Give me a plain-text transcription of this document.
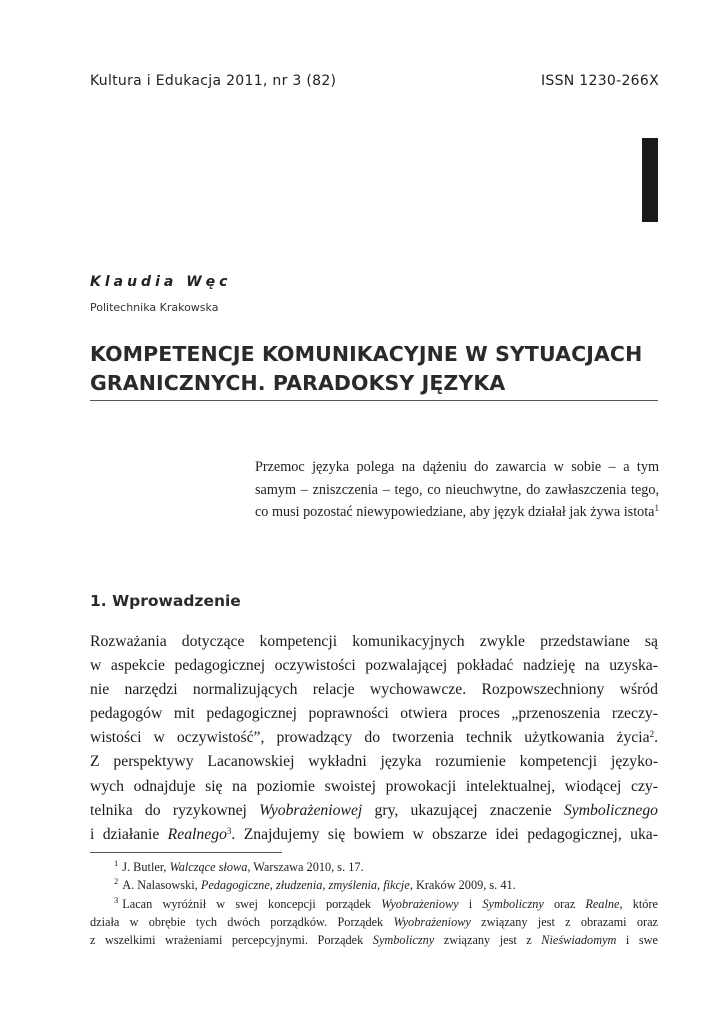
Kultura i Edukacja 2011, nr 3 (82)	ISSN 1230-266X
Klaudia Węc
Politechnika Krakowska
KOMPETENCJE KOMUNIKACYJNE W SYTUACJACH
GRANICZNYCH. PARADOKSY JĘZYKA
Przemoc języka polega na dążeniu do zawarcia w sobie – a tym samym – zniszczenia – tego, co nieuchwytne, do zawłaszczenia tego, co musi pozostać niewypowiedziane, aby język działał jak żywa istota$^1$
1. Wprowadzenie
Rozważania dotyczące kompetencji komunikacyjnych zwykle przedstawiane są
w aspekcie pedagogicznej oczywistości pozwalającej pokładać nadzieję na uzyska-
nie narzędzi normalizujących relacje wychowawcze. Rozpowszechniony wśród
pedagogów mit pedagogicznej poprawności otwiera proces „przenoszenia rzeczy-
wistości w oczywistość”, prowadzący do tworzenia technik użytkowania życia$^2$.
Z perspektywy Lacanowskiej wykładni języka rozumienie kompetencji języko-
wych odnajduje się na poziomie swoistej prowokacji intelektualnej, wiodącej czy-
telnika do ryzykownej Wyobrażeniowej gry, ukazującej znaczenie Symbolicznego
i działanie Realnego$^3$. Znajdujemy się bowiem w obszarze idei pedagogicznej, uka-
$^1$ J. Butler, Walczące słowa, Warszawa 2010, s. 17.
$^2$ A. Nalasowski, Pedagogiczne, złudzenia, zmyślenia, fikcje, Kraków 2009, s. 41.
$^3$ Lacan wyróżnił w swej koncepcji porządek Wyobrażeniowy i Symboliczny oraz Realne, które
działa w obrębie tych dwóch porządków. Porządek Wyobrażeniowy związany jest z obrazami oraz
z wszelkimi wrażeniami percepcyjnymi. Porządek Symboliczny związany jest z Nieświadomym i swe
